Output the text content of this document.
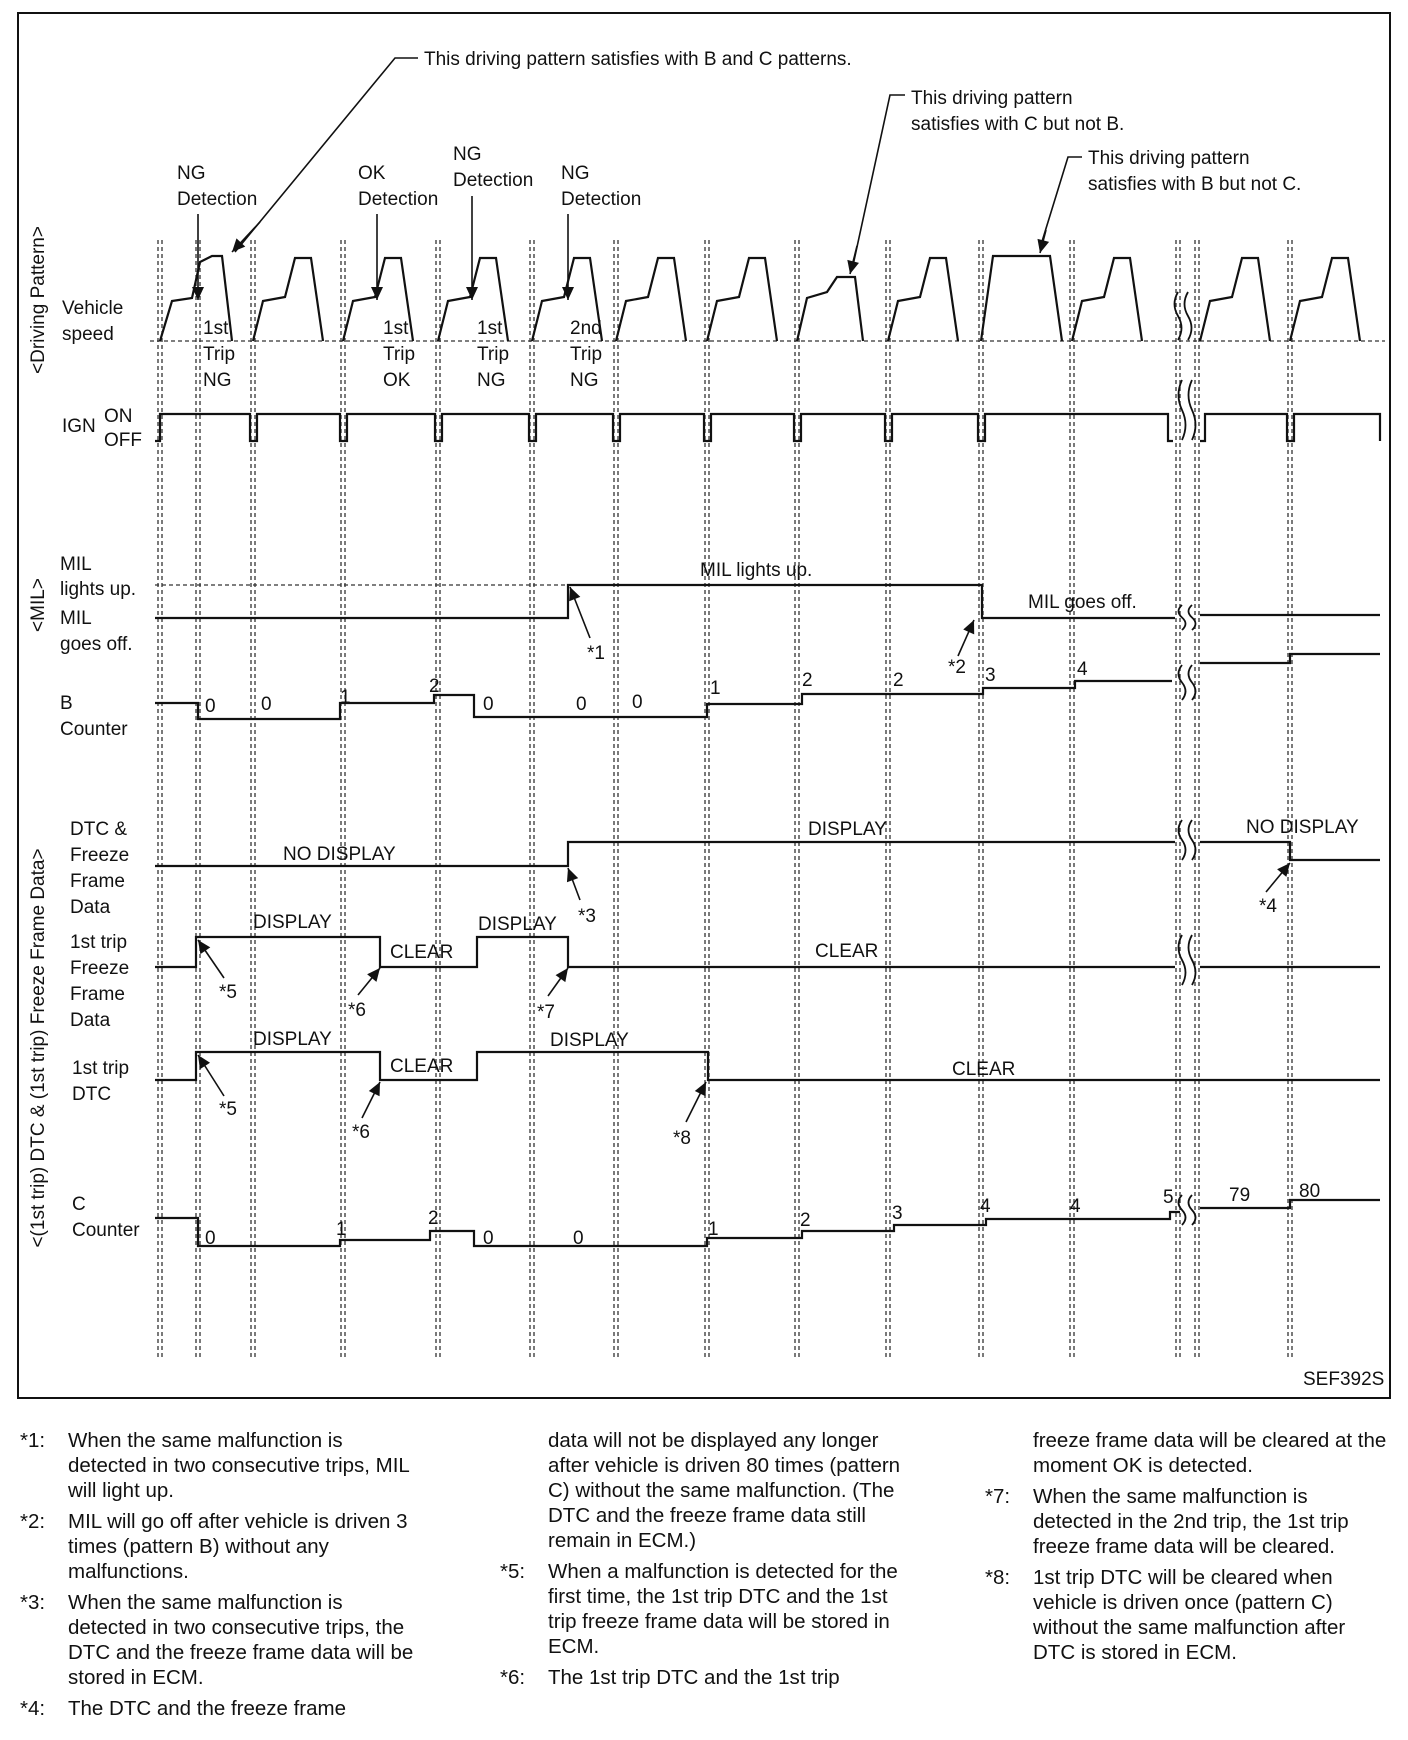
<Driving Pattern>
<MIL>
<(1st trip) DTC & (1st trip) Freeze Frame Data>
This driving pattern satisfies with B and C patterns.
This driving pattern
satisfies with C but not B.
This driving pattern
satisfies with B but not C.
NG
Detection
OK
Detection
NG
Detection NG
Detection
1st
Trip
NG
1st
Trip
OK
1st
Trip
NG
2nd
Trip
NG
Vehicle
speed
IGN ON
OFF
MIL
lights up.
MIL
goes off.
B
Counter
DTC &
Freeze
Frame
Data
1st trip
Freeze
Frame
Data
1st trip
DTC
C
Counter
MIL lights up.
MIL goes off.
NO DISPLAY
DISPLAY	NO DISPLAY
DISPLAY
CLEAR
DISPLAY
CLEAR
DISPLAY
CLEAR
DISPLAY
CLEAR
SEF392S
0 0	1
2
0	0 0
1	2	2	3	4
0	1
2
0	0	1	2	3	4	4	5	79	80
*1
*2
*3	*4
*5
*6	*7
*5
*6	*8
*1:	When the same malfunction is detected in two consecutive trips, MIL will light up.
*2:	MIL will go off after vehicle is driven 3 times (pattern B) without any malfunctions.
*3:	When the same malfunction is detected in two consecutive trips, the DTC and the freeze frame data will be stored in ECM.
*4:	The DTC and the freeze frame
data will not be displayed any longer after vehicle is driven 80 times (pattern C) without the same malfunction. (The DTC and the freeze frame data still remain in ECM.)
*5:	When a malfunction is detected for the first time, the 1st trip DTC and the 1st trip freeze frame data will be stored in ECM.
*6:	The 1st trip DTC and the 1st trip
freeze frame data will be cleared at the moment OK is detected.
*7:	When the same malfunction is detected in the 2nd trip, the 1st trip freeze frame data will be cleared.
*8:	1st trip DTC will be cleared when vehicle is driven once (pattern C) without the same malfunction after DTC is stored in ECM.
